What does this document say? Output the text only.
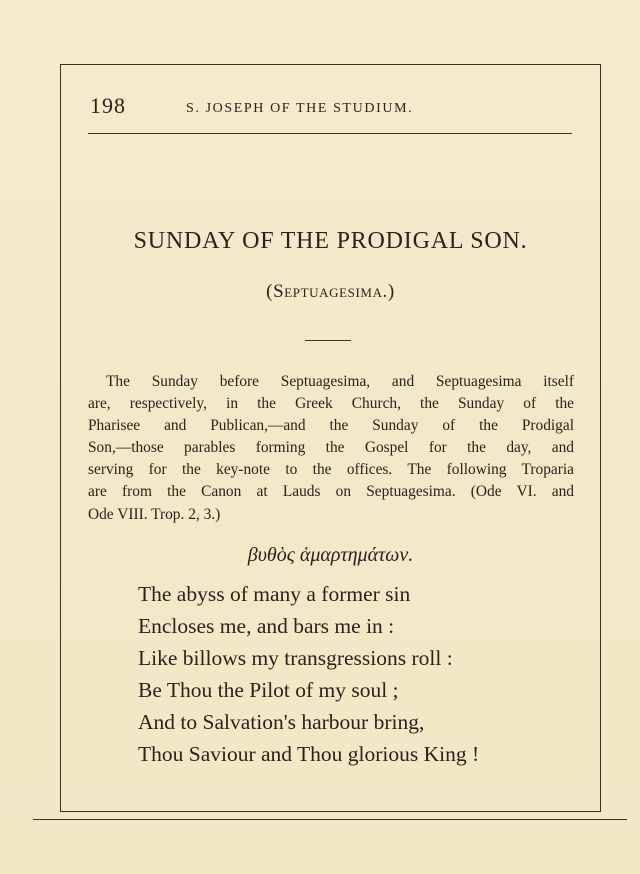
198	S. JOSEPH OF THE STUDIUM.
SUNDAY OF THE PRODIGAL SON.
(Septuagesima.)
The Sunday before Septuagesima, and Septuagesima itself
are, respectively, in the Greek Church, the Sunday of the
Pharisee and Publican,—and the Sunday of the Prodigal
Son,—those parables forming the Gospel for the day, and
serving for the key-note to the offices. The following Troparia
are from the Canon at Lauds on Septuagesima. (Ode VI. and
Ode VIII. Trop. 2, 3.)
βυθὸς ἁμαρτημάτων.
The abyss of many a former sin
Encloses me, and bars me in :
Like billows my transgressions roll :
Be Thou the Pilot of my soul ;
And to Salvation's harbour bring,
Thou Saviour and Thou glorious King !
